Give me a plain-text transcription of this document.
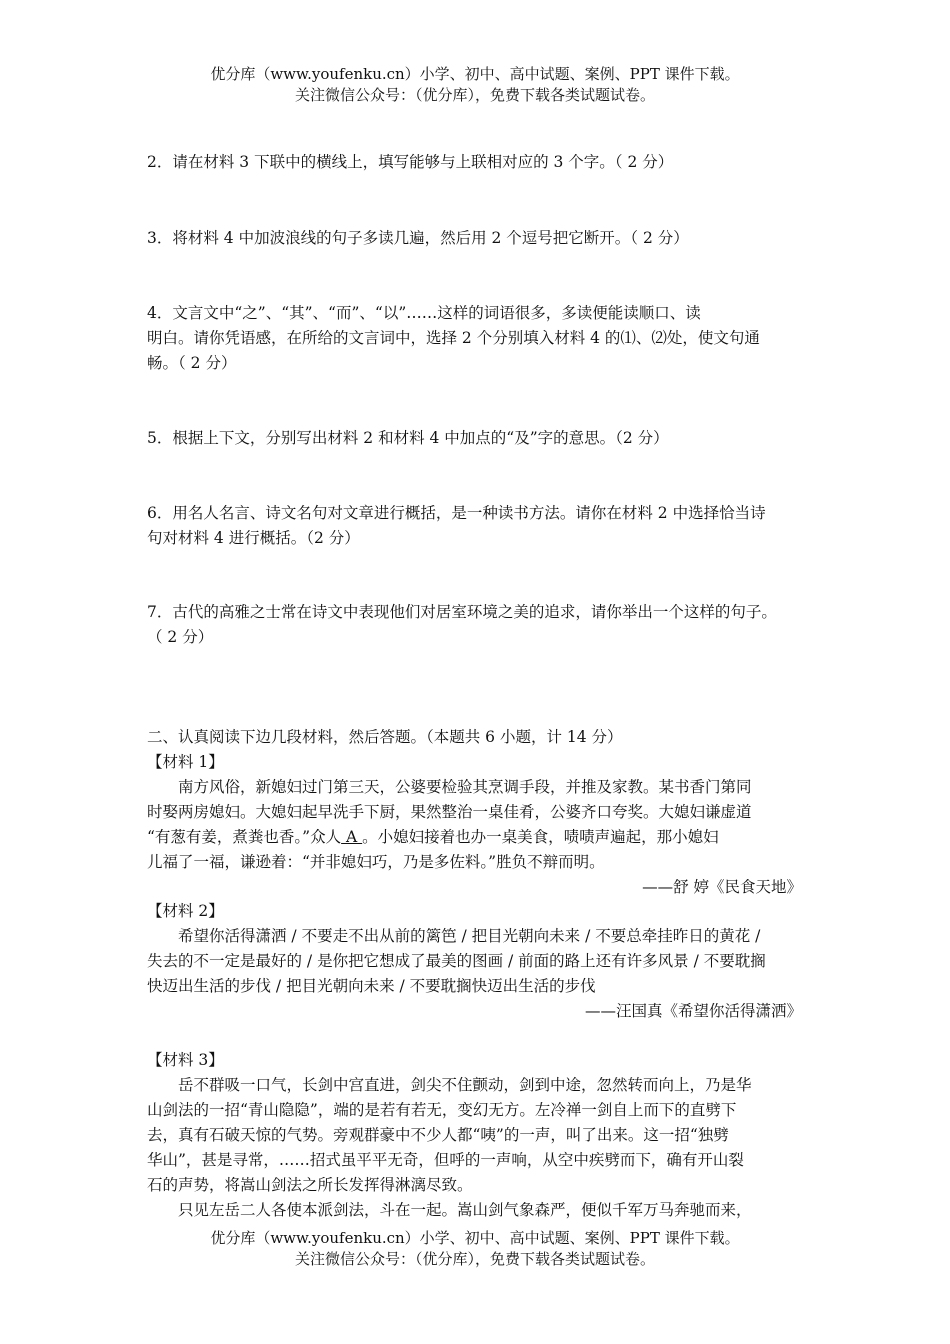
优分库（www.youfenku.cn）小学、初中、高中试题、案例、PPT 课件下载。
关注微信公众号：（优分库），免费下载各类试题试卷。
2．请在材料 3 下联中的横线上，填写能够与上联相对应的 3 个字。（ 2 分）
3．将材料 4 中加波浪线的句子多读几遍，然后用 2 个逗号把它断开。（ 2 分）
4．文言文中“之”、“其”、“而”、“以”……这样的词语很多，多读便能读顺口、读
明白。请你凭语感，在所给的文言词中，选择 2 个分别填入材料 4 的⑴、⑵处，使文句通
畅。（ 2 分）
5．根据上下文，分别写出材料 2 和材料 4 中加点的“及”字的意思。（2 分）
6．用名人名言、诗文名句对文章进行概括，是一种读书方法。请你在材料 2 中选择恰当诗
句对材料 4 进行概括。（2 分）
7．古代的高雅之士常在诗文中表现他们对居室环境之美的追求，请你举出一个这样的句子。
（ 2 分）
二、认真阅读下边几段材料，然后答题。（本题共 6 小题，计 14 分）
【材料 1】
南方风俗，新媳妇过门第三天，公婆要检验其烹调手段，并推及家教。某书香门第同
时娶两房媳妇。大媳妇起早洗手下厨，果然整治一桌佳肴，公婆齐口夸奖。大媳妇谦虚道
“有葱有姜，煮粪也香。”众人 A 。小媳妇接着也办一桌美食，啧啧声遍起，那小媳妇
儿福了一福，谦逊着：“并非媳妇巧，乃是多佐料。”胜负不辩而明。
——舒 婷《民食天地》
【材料 2】
希望你活得潇洒 / 不要走不出从前的篱笆 / 把目光朝向未来 / 不要总牵挂昨日的黄花 /
失去的不一定是最好的 / 是你把它想成了最美的图画 / 前面的路上还有许多风景 / 不要耽搁
快迈出生活的步伐 / 把目光朝向未来 / 不要耽搁快迈出生活的步伐
——汪国真《希望你活得潇洒》
【材料 3】
岳不群吸一口气，长剑中宫直进，剑尖不住颤动，剑到中途，忽然转而向上，乃是华
山剑法的一招“青山隐隐”，端的是若有若无，变幻无方。左冷禅一剑自上而下的直劈下
去，真有石破天惊的气势。旁观群豪中不少人都“咦”的一声，叫了出来。这一招“独劈
华山”，甚是寻常，……招式虽平平无奇，但呼的一声响，从空中疾劈而下，确有开山裂
石的声势，将嵩山剑法之所长发挥得淋漓尽致。
只见左岳二人各使本派剑法，斗在一起。嵩山剑气象森严，便似千军万马奔驰而来，
优分库（www.youfenku.cn）小学、初中、高中试题、案例、PPT 课件下载。
关注微信公众号：（优分库），免费下载各类试题试卷。
